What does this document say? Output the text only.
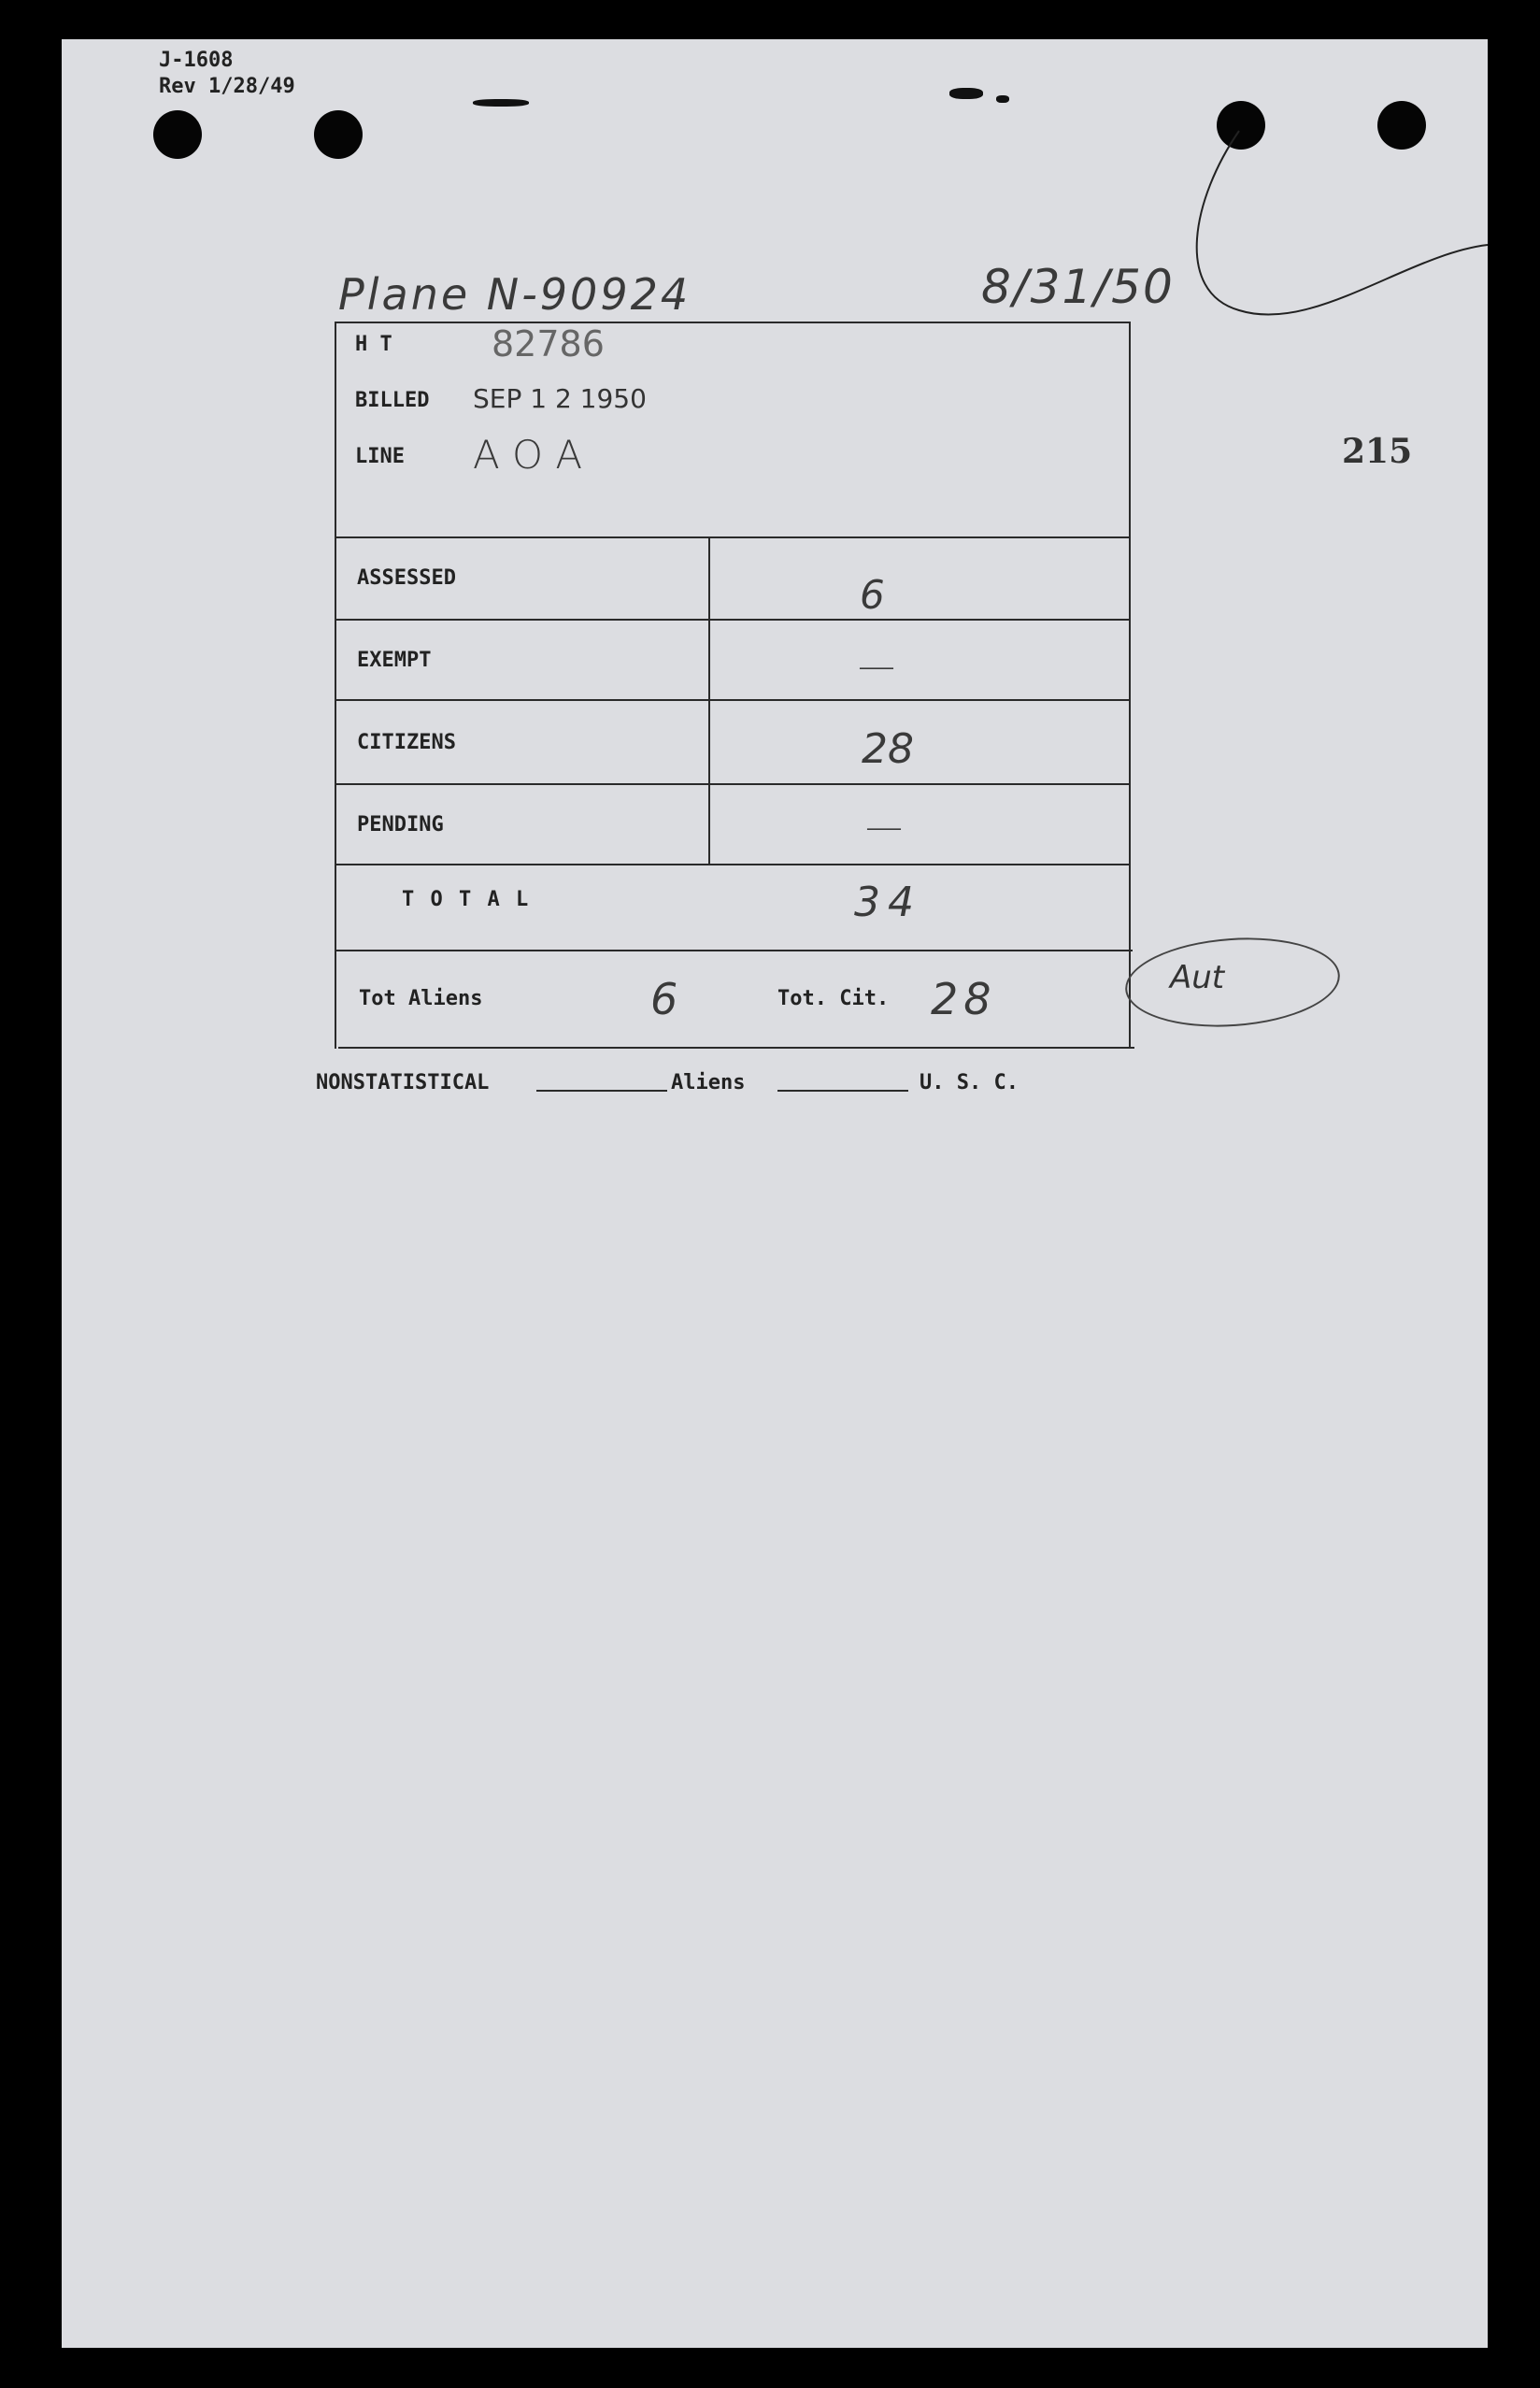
J-1608
Rev 1/28/49
Plane N-90924	8/31/50
215
H T	82786
BILLED SEP 1 2 1950
LINE AOA
ASSESSED	6
EXEMPT	—
CITIZENS	28
PENDING	—
T O T A L	34
Tot Aliens	6	Tot. Cit. 28	Aut
NONSTATISTICAL	Aliens	U. S. C.
